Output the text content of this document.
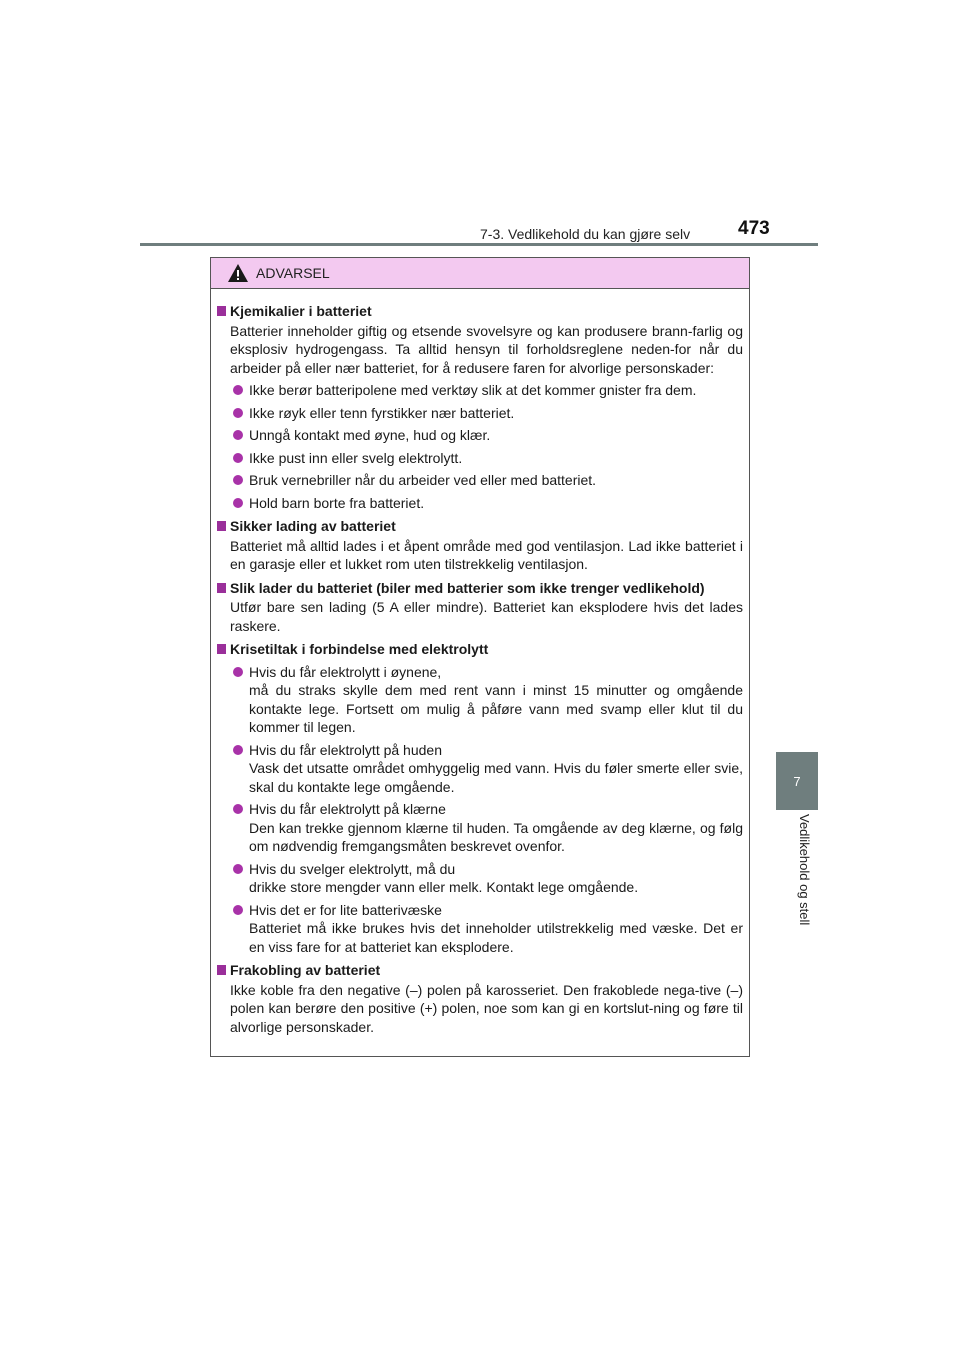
7-3. Vedlikehold du kan gjøre selv	473
7
Vedlikehold og stell
ADVARSEL
Kjemikalier i batteriet
Batterier inneholder giftig og etsende svovelsyre og kan produsere brann-farlig og eksplosiv hydrogengass. Ta alltid hensyn til forholdsreglene neden-for når du arbeider på eller nær batteriet, for å redusere faren for alvorlige personskader:
Ikke berør batteripolene med verktøy slik at det kommer gnister fra dem.
Ikke røyk eller tenn fyrstikker nær batteriet.
Unngå kontakt med øyne, hud og klær.
Ikke pust inn eller svelg elektrolytt.
Bruk vernebriller når du arbeider ved eller med batteriet.
Hold barn borte fra batteriet.
Sikker lading av batteriet
Batteriet må alltid lades i et åpent område med god ventilasjon. Lad ikke batteriet i en garasje eller et lukket rom uten tilstrekkelig ventilasjon.
Slik lader du batteriet (biler med batterier som ikke trenger vedlikehold)
Utfør bare sen lading (5 A eller mindre). Batteriet kan eksplodere hvis det lades raskere.
Krisetiltak i forbindelse med elektrolytt
Hvis du får elektrolytt i øynene,
må du straks skylle dem med rent vann i minst 15 minutter og omgående kontakte lege. Fortsett om mulig å påføre vann med svamp eller klut til du kommer til legen.
Hvis du får elektrolytt på huden
Vask det utsatte området omhyggelig med vann. Hvis du føler smerte eller svie, skal du kontakte lege omgående.
Hvis du får elektrolytt på klærne
Den kan trekke gjennom klærne til huden. Ta omgående av deg klærne, og følg om nødvendig fremgangsmåten beskrevet ovenfor.
Hvis du svelger elektrolytt, må du
drikke store mengder vann eller melk. Kontakt lege omgående.
Hvis det er for lite batterivæske
Batteriet må ikke brukes hvis det inneholder utilstrekkelig med væske. Det er en viss fare for at batteriet kan eksplodere.
Frakobling av batteriet
Ikke koble fra den negative (–) polen på karosseriet. Den frakoblede nega-tive (–) polen kan berøre den positive (+) polen, noe som kan gi en kortslut-ning og føre til alvorlige personskader.
